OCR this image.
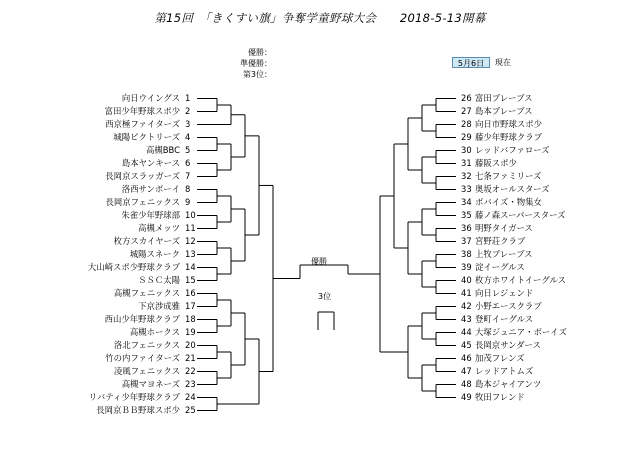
第15回　「きくすい旗」争奪学童野球大会　　2018-5-13開幕
優勝：
準優勝：
第3位：
5月6日	現在
向日ウイングス 1
富田少年野球スポ少 2
西京極ファイターズ 3
城陽ビクトリーズ 4
高槻BBC 5
島本ヤンキース 6
長岡京スラッガーズ 7
洛西サンボーイ 8
長岡京フェニックス 9
朱雀少年野球部 10
高槻メッツ 11
枚方スカイヤーズ 12
城陽スネーク 13
大山崎スポ少野球クラブ 14
ＳＳＣ太陽 15
高槻フェニックス 16
下京涉成雅 17
西山少年野球クラブ 18
高槻ホークス 19
洛北フェニックス 20
竹の内ファイターズ 21
凌風フェニックス 22
高槻マヨネーズ 23
リバティ少年野球クラブ 24
長岡京ＢＢ野球スポ少 25
26 富田ブレーブス
27 島本ブレーブス
28 向日市野球スポ少
29 藤少年野球クラブ
30 レッドバファローズ
31 藤阪スポ少
32 七条ファミリーズ
33 奥坂オールスターズ
34 ボバイズ・物集女
35 藤ノ森スーパースターズ
36 明野タイガース
37 宮野荘クラブ
38 上牧ブレーブス
39 淀イーグルス
40 枚方ホワイトイーグルス
41 向日レジェンド
42 小野エースクラブ
43 登町イーグルス
44 大塚ジュニア・ボーイズ
45 長岡京サンダース
46 加茂フレンズ
47 レッドアトムズ
48 島本ジャイアンツ
49 牧田フレンド
優勝
3位
